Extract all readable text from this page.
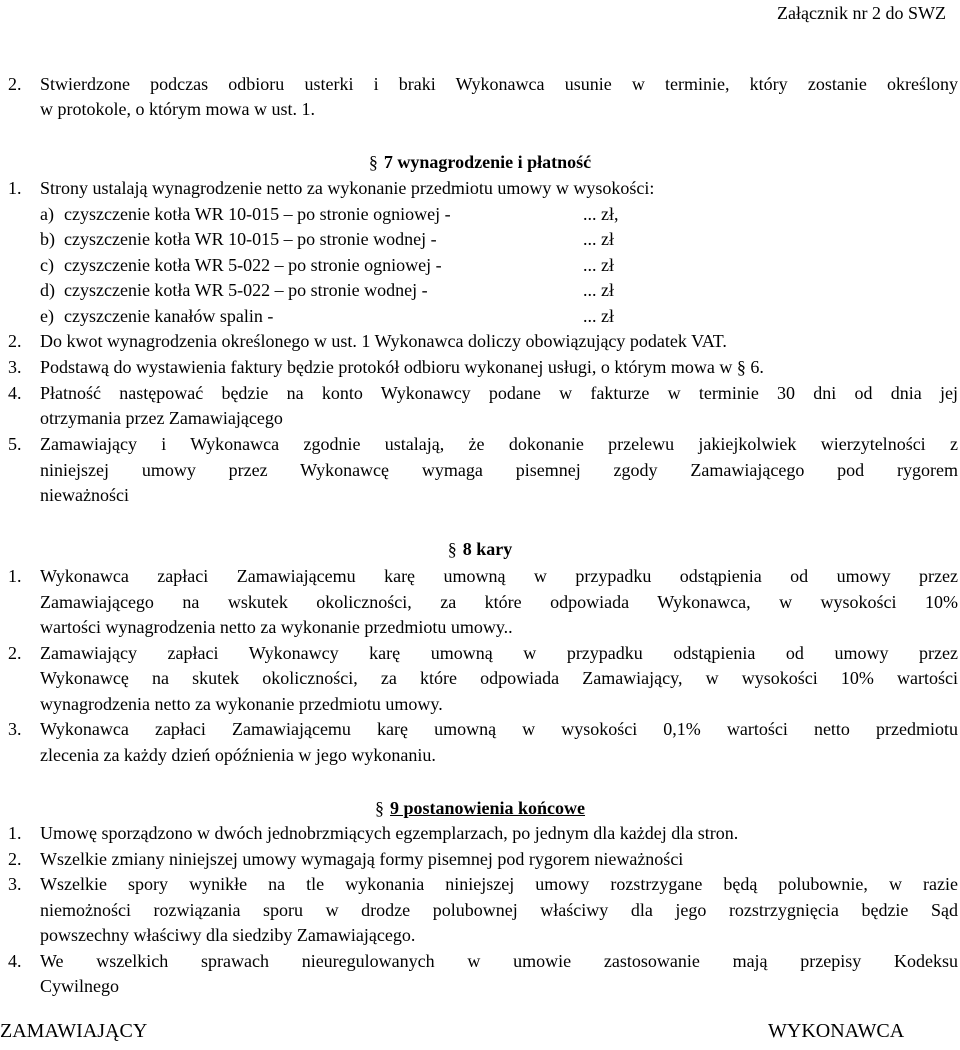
Załącznik nr 2 do SWZ
2. Stwierdzone podczas odbioru usterki i braki Wykonawca usunie w terminie, który zostanie określony
w protokole, o którym mowa w ust. 1.
§ 7 wynagrodzenie i płatność
1. Strony ustalają wynagrodzenie netto za wykonanie przedmiotu umowy w wysokości:
a) czyszczenie kotła WR 10-015 – po stronie ogniowej -	... zł,
b) czyszczenie kotła WR 10-015 – po stronie wodnej -	... zł
c) czyszczenie kotła WR 5-022 – po stronie ogniowej -	... zł
d) czyszczenie kotła WR 5-022 – po stronie wodnej -	... zł
e) czyszczenie kanałów spalin -	... zł
2. Do kwot wynagrodzenia określonego w ust. 1 Wykonawca doliczy obowiązujący podatek VAT.
3. Podstawą do wystawienia faktury będzie protokół odbioru wykonanej usługi, o którym mowa w § 6.
4. Płatność następować będzie na konto Wykonawcy podane w fakturze w terminie 30 dni od dnia jej
otrzymania przez Zamawiającego
5. Zamawiający i Wykonawca zgodnie ustalają, że dokonanie przelewu jakiejkolwiek wierzytelności z
niniejszej umowy przez Wykonawcę wymaga pisemnej zgody Zamawiającego pod rygorem
nieważności
§ 8 kary
1. Wykonawca zapłaci Zamawiającemu karę umowną w przypadku odstąpienia od umowy przez
Zamawiającego na wskutek okoliczności, za które odpowiada Wykonawca, w wysokości 10%
wartości wynagrodzenia netto za wykonanie przedmiotu umowy..
2. Zamawiający zapłaci Wykonawcy karę umowną w przypadku odstąpienia od umowy przez
Wykonawcę na skutek okoliczności, za które odpowiada Zamawiający, w wysokości 10% wartości
wynagrodzenia netto za wykonanie przedmiotu umowy.
3. Wykonawca zapłaci Zamawiającemu karę umowną w wysokości 0,1% wartości netto przedmiotu
zlecenia za każdy dzień opóźnienia w jego wykonaniu.
§ 9 postanowienia końcowe
1. Umowę sporządzono w dwóch jednobrzmiących egzemplarzach, po jednym dla każdej dla stron.
2. Wszelkie zmiany niniejszej umowy wymagają formy pisemnej pod rygorem nieważności
3. Wszelkie spory wynikłe na tle wykonania niniejszej umowy rozstrzygane będą polubownie, w razie
niemożności rozwiązania sporu w drodze polubownej właściwy dla jego rozstrzygnięcia będzie Sąd
powszechny właściwy dla siedziby Zamawiającego.
4. We wszelkich sprawach nieuregulowanych w umowie zastosowanie mają przepisy Kodeksu
Cywilnego
ZAMAWIAJĄCY	WYKONAWCA
